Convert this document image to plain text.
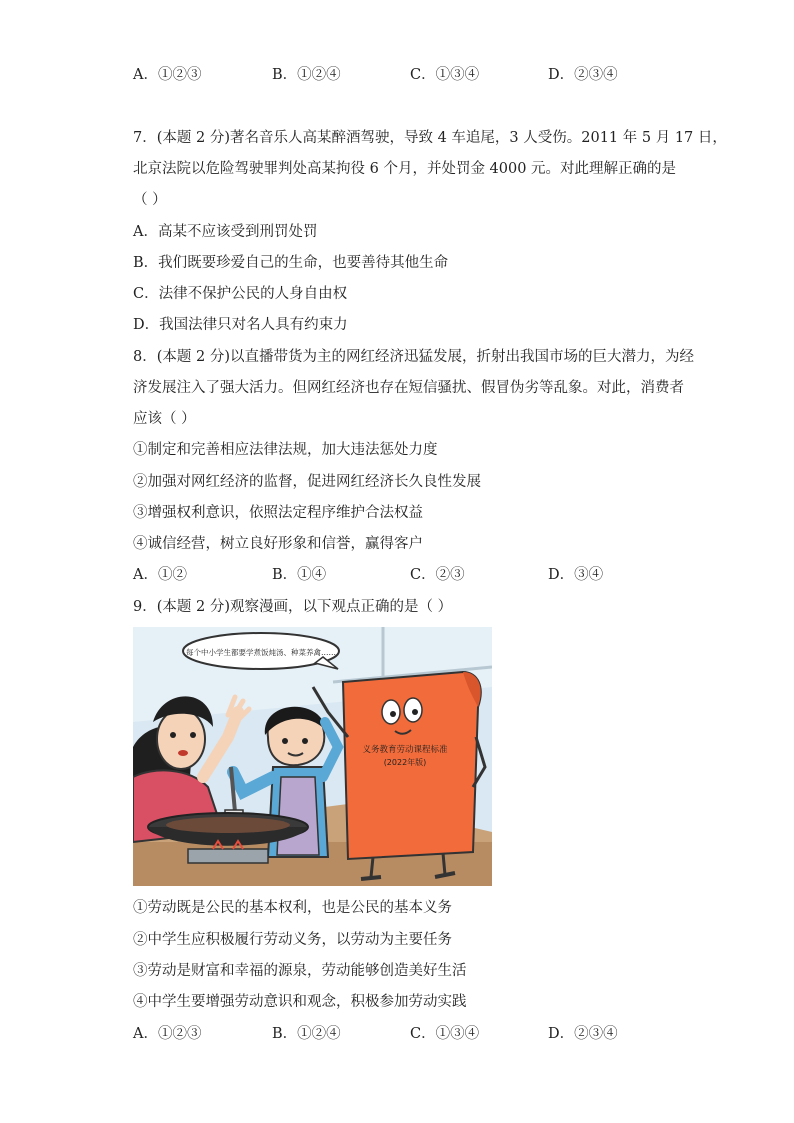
A．①②③	B．①②④	C．①③④	D．②③④
7．(本题 2 分)著名音乐人高某醉酒驾驶，导致 4 车追尾，3 人受伤。2011 年 5 月 17 日，
北京法院以危险驾驶罪判处高某拘役 6 个月，并处罚金 4000 元。对此理解正确的是
（ ）
A．高某不应该受到刑罚处罚
B．我们既要珍爱自己的生命，也要善待其他生命
C．法律不保护公民的人身自由权
D．我国法律只对名人具有约束力
8．(本题 2 分)以直播带货为主的网红经济迅猛发展，折射出我国市场的巨大潜力，为经
济发展注入了强大活力。但网红经济也存在短信骚扰、假冒伪劣等乱象。对此，消费者
应该（ ）
①制定和完善相应法律法规，加大违法惩处力度
②加强对网红经济的监督，促进网红经济长久良性发展
③增强权利意识，依照法定程序维护合法权益
④诚信经营，树立良好形象和信誉，赢得客户
A．①②	B．①④	C．②③	D．③④
9．(本题 2 分)观察漫画，以下观点正确的是（ ）
每个中小学生都要学煮饭炖汤、种菜养禽……
义务教育劳动课程标准
(2022年版)
①劳动既是公民的基本权利，也是公民的基本义务
②中学生应积极履行劳动义务，以劳动为主要任务
③劳动是财富和幸福的源泉，劳动能够创造美好生活
④中学生要增强劳动意识和观念，积极参加劳动实践
A．①②③	B．①②④	C．①③④	D．②③④
